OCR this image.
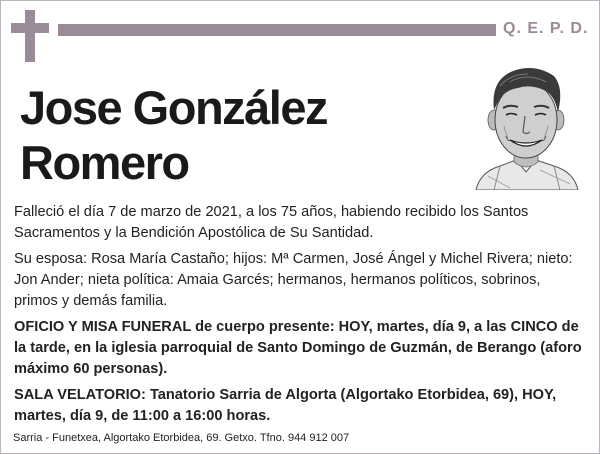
Q. E. P. D.
Jose González
Romero

Falleció el día 7 de marzo de 2021, a los 75 años, habiendo recibido los Santos Sacramentos y la Bendición Apostólica de Su Santidad.

Su esposa: Rosa María Castaño; hijos: Mª Carmen, José Ángel y Michel Rivera; nieto: Jon Ander; nieta política: Amaia Garcés; hermanos, hermanos políticos, sobrinos, primos y demás familia.

OFICIO Y MISA FUNERAL de cuerpo presente: HOY, martes, día 9, a las CINCO de la tarde, en la iglesia parroquial de Santo Domingo de Guzmán, de Berango (aforo máximo 60 personas).

SALA VELATORIO: Tanatorio Sarria de Algorta (Algortako Etorbidea, 69), HOY, martes, día 9, de 11:00 a 16:00 horas.

Sarria - Funetxea, Algortako Etorbidea, 69. Getxo. Tfno. 944 912 007
